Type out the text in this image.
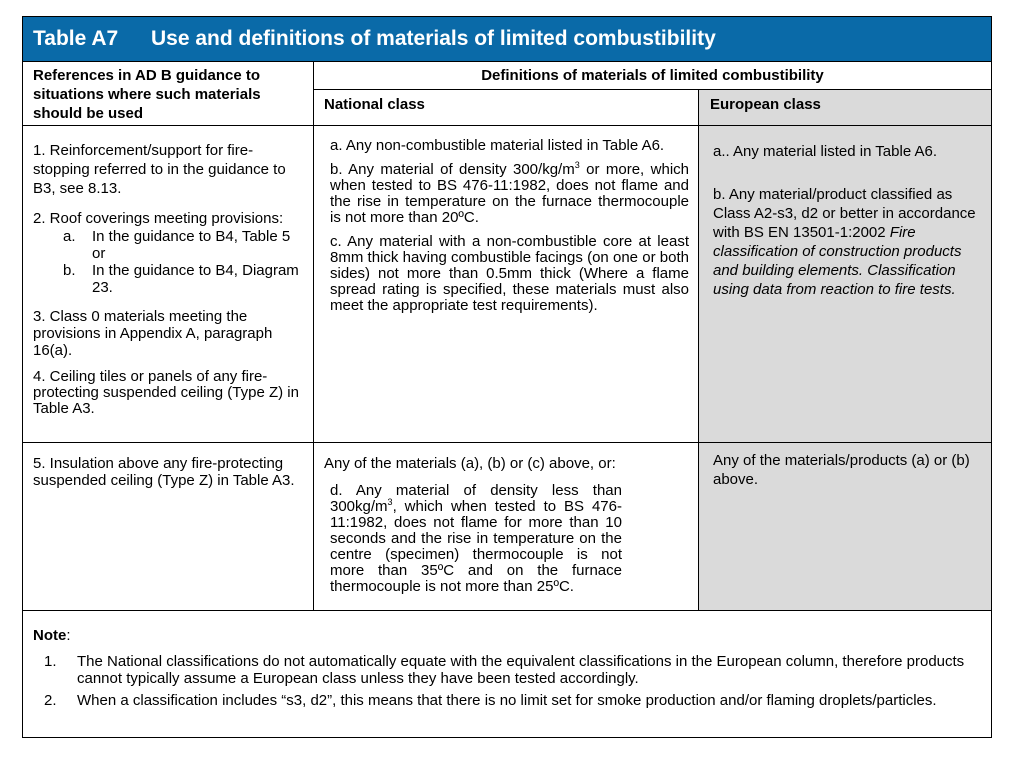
Table A7 Use and definitions of materials of limited combustibility
References in AD B guidance to situations where such materials should be used
Definitions of materials of limited combustibility
National class	European class

1. Reinforcement/support for fire-stopping referred to in the guidance to B3, see 8.13.

2. Roof coverings meeting provisions:

a. In the guidance to B4, Table 5 or
b. In the guidance to B4, Diagram 23.

3. Class 0 materials meeting the provisions in Appendix A, paragraph 16(a).

4. Ceiling tiles or panels of any fire-protecting suspended ceiling (Type Z) in Table A3.

a. Any non-combustible material listed in Table A6.

b. Any material of density $300/kg/m^3$ or more, which when tested to BS 476-11:1982, does not flame and the rise in temperature on the furnace thermocouple is not more than 20ºC.

c. Any material with a non-combustible core at least 8mm thick having combustible facings (on one or both sides) not more than 0.5mm thick (Where a flame spread rating is specified, these materials must also meet the appropriate test requirements).

a.. Any material listed in Table A6.

b. Any material/product classified as Class A2-s3, d2 or better in accordance with BS EN 13501-1:2002 Fire classification of construction products and building elements. Classification using data from reaction to fire tests.

5. Insulation above any fire-protecting suspended ceiling (Type Z) in Table A3.
Any of the materials (a), (b) or (c) above, or:
d. Any material of density less than $300kg/m^3$, which when tested to BS 476-11:1982, does not flame for more than 10 seconds and the rise in temperature on the centre (specimen) thermocouple is not more than 35ºC and on the furnace thermocouple is not more than 25ºC.
Any of the materials/products (a) or (b) above.

Note:

1. The National classifications do not automatically equate with the equivalent classifications in the European column, therefore products cannot typically assume a European class unless they have been tested accordingly.
2. When a classification includes “s3, d2”, this means that there is no limit set for smoke production and/or flaming droplets/particles.
